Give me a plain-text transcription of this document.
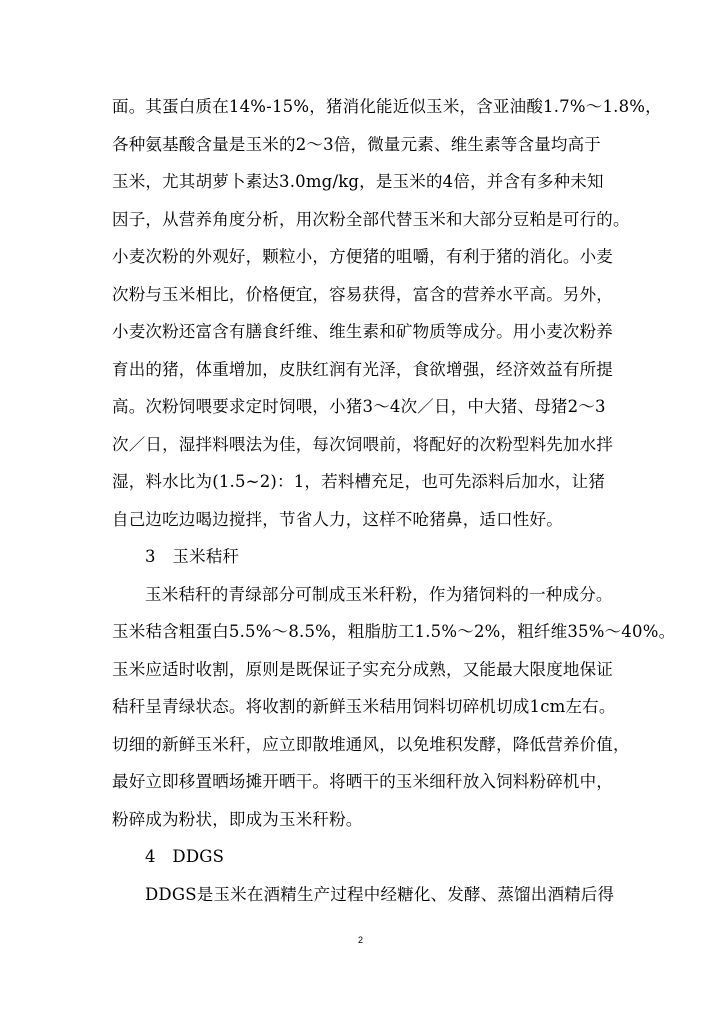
面。其蛋白质在14%-15%，猪消化能近似玉米，含亚油酸1.7%～1.8%，
各种氨基酸含量是玉米的2～3倍，微量元素、维生素等含量均高于
玉米，尤其胡萝卜素达3.0mg/kg，是玉米的4倍，并含有多种未知
因子，从营养角度分析，用次粉全部代替玉米和大部分豆粕是可行的。
小麦次粉的外观好，颗粒小，方便猪的咀嚼，有利于猪的消化。小麦
次粉与玉米相比，价格便宜，容易获得，富含的营养水平高。另外，
小麦次粉还富含有膳食纤维、维生素和矿物质等成分。用小麦次粉养
育出的猪，体重增加，皮肤红润有光泽，食欲增强，经济效益有所提
高。次粉饲喂要求定时饲喂，小猪3～4次／日，中大猪、母猪2～3
次／日，湿拌料喂法为佳，每次饲喂前，将配好的次粉型料先加水拌
湿，料水比为(1.5~2)：1，若料槽充足，也可先添料后加水，让猪
自己边吃边喝边搅拌，节省人力，这样不呛猪鼻，适口性好。
3　玉米秸秆
玉米秸秆的青绿部分可制成玉米秆粉，作为猪饲料的一种成分。
玉米秸含粗蛋白5.5%～8.5%，粗脂肪工1.5%～2%，粗纤维35%～40%。
玉米应适时收割，原则是既保证子实充分成熟，又能最大限度地保证
秸秆呈青绿状态。将收割的新鲜玉米秸用饲料切碎机切成1cm左右。
切细的新鲜玉米秆，应立即散堆通风，以免堆积发酵，降低营养价值，
最好立即移置晒场摊开晒干。将晒干的玉米细秆放入饲料粉碎机中，
粉碎成为粉状，即成为玉米秆粉。
4　DDGS
DDGS是玉米在酒精生产过程中经糖化、发酵、蒸馏出酒精后得
2
